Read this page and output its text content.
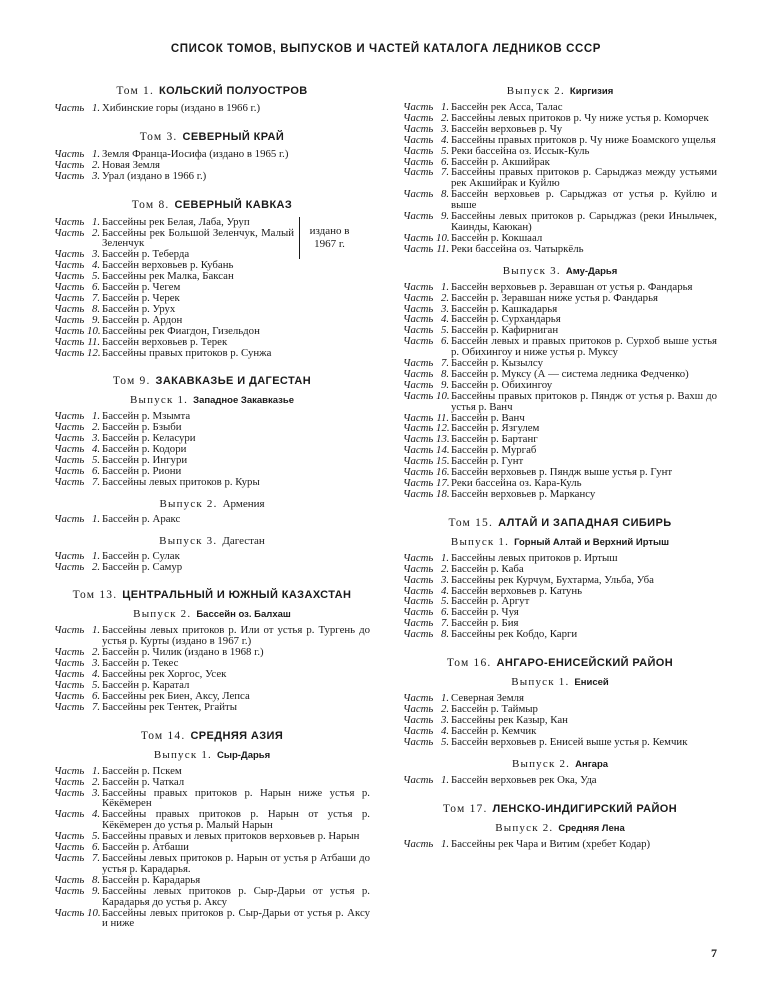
СПИСОК ТОМОВ, ВЫПУСКОВ И ЧАСТЕЙ КАТАЛОГА ЛЕДНИКОВ СССР
Том 1. КОЛЬСКИЙ ПОЛУОСТРОВ
Часть 1. Хибинские горы (издано в 1966 г.)
Том 3. СЕВЕРНЫЙ КРАЙ
Часть 1. Земля Франца-Иосифа (издано в 1965 г.)
Часть 2. Новая Земля
Часть 3. Урал (издано в 1966 г.)
Том 8. СЕВЕРНЫЙ КАВКАЗ
издано в 1967 г.
Часть 1. Бассейны рек Белая, Лаба, Уруп
Часть 2. Бассейны рек Большой Зеленчук, Малый Зеленчук
Часть 3. Бассейн р. Теберда
Часть 4. Бассейн верховьев р. Кубань
Часть 5. Бассейны рек Малка, Баксан
Часть 6. Бассейн р. Чегем
Часть 7. Бассейн р. Черек
Часть 8. Бассейн р. Урух
Часть 9. Бассейн р. Ардон
Часть 10. Бассейны рек Фиагдон, Гизельдон
Часть 11. Бассейн верховьев р. Терек
Часть 12. Бассейны правых притоков р. Сунжа
Том 9. ЗАКАВКАЗЬЕ И ДАГЕСТАН
Выпуск 1. Западное Закавказье
Часть 1. Бассейн р. Мзымта
Часть 2. Бассейн р. Бзыби
Часть 3. Бассейн р. Келасури
Часть 4. Бассейн р. Кодори
Часть 5. Бассейн р. Ингури
Часть 6. Бассейн р. Риони
Часть 7. Бассейны левых притоков р. Куры
Выпуск 2. Армения
Часть 1. Бассейн р. Аракс
Выпуск 3. Дагестан
Часть 1. Бассейн р. Сулак
Часть 2. Бассейн р. Самур
Том 13. ЦЕНТРАЛЬНЫЙ И ЮЖНЫЙ КАЗАХСТАН
Выпуск 2. Бассейн оз. Балхаш
Часть 1. Бассейны левых притоков р. Или от устья р. Тургень до устья р. Курты (издано в 1967 г.)
Часть 2. Бассейн р. Чилик (издано в 1968 г.)
Часть 3. Бассейн р. Текес
Часть 4. Бассейны рек Хоргос, Усек
Часть 5. Бассейн р. Каратал
Часть 6. Бассейны рек Биен, Аксу, Лепса
Часть 7. Бассейны рек Тентек, Ргайты
Том 14. СРЕДНЯЯ АЗИЯ
Выпуск 1. Сыр-Дарья
Часть 1. Бассейн р. Пскем
Часть 2. Бассейн р. Чаткал
Часть 3. Бассейны правых притоков р. Нарын ниже устья р. Кёкёмерен
Часть 4. Бассейны правых притоков р. Нарын от устья р. Кёкёмерен до устья р. Малый Нарын
Часть 5. Бассейны правых и левых притоков верховьев р. Нарын
Часть 6. Бассейн р. Атбаши
Часть 7. Бассейны левых притоков р. Нарын от устья р Атбаши до устья р. Карадарья.
Часть 8. Бассейн р. Карадарья
Часть 9. Бассейны левых притоков р. Сыр-Дарьи от устья р. Карадарья до устья р. Аксу
Часть 10. Бассейны левых притоков р. Сыр-Дарьи от устья р. Аксу и ниже
Выпуск 2. Киргизия
Часть 1. Бассейн рек Асса, Талас
Часть 2. Бассейны левых притоков р. Чу ниже устья р. Коморчек
Часть 3. Бассейн верховьев р. Чу
Часть 4. Бассейны правых притоков р. Чу ниже Боамского ущелья
Часть 5. Реки бассейна оз. Иссык-Куль
Часть 6. Бассейн р. Акшийрак
Часть 7. Бассейны правых притоков р. Сарыджаз между устьями рек Акшийрак и Куйлю
Часть 8. Бассейн верховьев р. Сарыджаз от устья р. Куйлю и выше
Часть 9. Бассейны левых притоков р. Сарыджаз (реки Иныльчек, Каинды, Каюкан)
Часть 10. Бассейн р. Кокшаал
Часть 11. Реки бассейна оз. Чатыркёль
Выпуск 3. Аму-Дарья
Часть 1. Бассейн верховьев р. Зеравшан от устья р. Фандарья
Часть 2. Бассейн р. Зеравшан ниже устья р. Фандарья
Часть 3. Бассейн р. Кашкадарья
Часть 4. Бассейн р. Сурхандарья
Часть 5. Бассейн р. Кафирниган
Часть 6. Бассейн левых и правых притоков р. Сурхоб выше устья р. Обихингоу и ниже устья р. Муксу
Часть 7. Бассейн р. Кызылсу
Часть 8. Бассейн р. Муксу (А — система ледника Федченко)
Часть 9. Бассейн р. Обихингоу
Часть 10. Бассейны правых притоков р. Пяндж от устья р. Вахш до устья р. Ванч
Часть 11. Бассейн р. Ванч
Часть 12. Бассейн р. Язгулем
Часть 13. Бассейн р. Бартанг
Часть 14. Бассейн р. Мургаб
Часть 15. Бассейн р. Гунт
Часть 16. Бассейн верховьев р. Пяндж выше устья р. Гунт
Часть 17. Реки бассейна оз. Кара-Куль
Часть 18. Бассейн верховьев р. Маркансу
Том 15. АЛТАЙ И ЗАПАДНАЯ СИБИРЬ
Выпуск 1. Горный Алтай и Верхний Иртыш
Часть 1. Бассейны левых притоков р. Иртыш
Часть 2. Бассейн р. Каба
Часть 3. Бассейны рек Курчум, Бухтарма, Ульба, Уба
Часть 4. Бассейн верховьев р. Катунь
Часть 5. Бассейн р. Аргут
Часть 6. Бассейн р. Чуя
Часть 7. Бассейн р. Бия
Часть 8. Бассейны рек Кобдо, Карги
Том 16. АНГАРО-ЕНИСЕЙСКИЙ РАЙОН
Выпуск 1. Енисей
Часть 1. Северная Земля
Часть 2. Бассейн р. Таймыр
Часть 3. Бассейны рек Казыр, Кан
Часть 4. Бассейн р. Кемчик
Часть 5. Бассейн верховьев р. Енисей выше устья р. Кемчик
Выпуск 2. Ангара
Часть 1. Бассейн верховьев рек Ока, Уда
Том 17. ЛЕНСКО-ИНДИГИРСКИЙ РАЙОН
Выпуск 2. Средняя Лена
Часть 1. Бассейны рек Чара и Витим (хребет Кодар)
7
